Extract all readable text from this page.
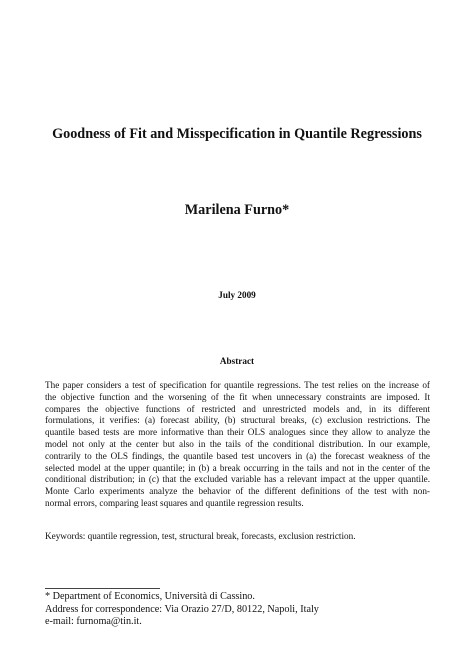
Goodness of Fit and Misspecification in Quantile Regressions
Marilena Furno*
July 2009
Abstract
The paper considers a test of specification for quantile regressions. The test relies on the increase of
the objective function and the worsening of the fit when unnecessary constraints are imposed. It
compares the objective functions of restricted and unrestricted models and, in its different
formulations, it verifies: (a) forecast ability, (b) structural breaks, (c) exclusion restrictions. The
quantile based tests are more informative than their OLS analogues since they allow to analyze the
model not only at the center but also in the tails of the conditional distribution. In our example,
contrarily to the OLS findings, the quantile based test uncovers in (a) the forecast weakness of the
selected model at the upper quantile; in (b) a break occurring in the tails and not in the center of the
conditional distribution; in (c) that the excluded variable has a relevant impact at the upper quantile.
Monte Carlo experiments analyze the behavior of the different definitions of the test with non-
normal errors, comparing least squares and quantile regression results.
Keywords: quantile regression, test, structural break, forecasts, exclusion restriction.
* Department of Economics, Università di Cassino.
Address for correspondence: Via Orazio 27/D, 80122, Napoli, Italy
e-mail: furnoma@tin.it.
